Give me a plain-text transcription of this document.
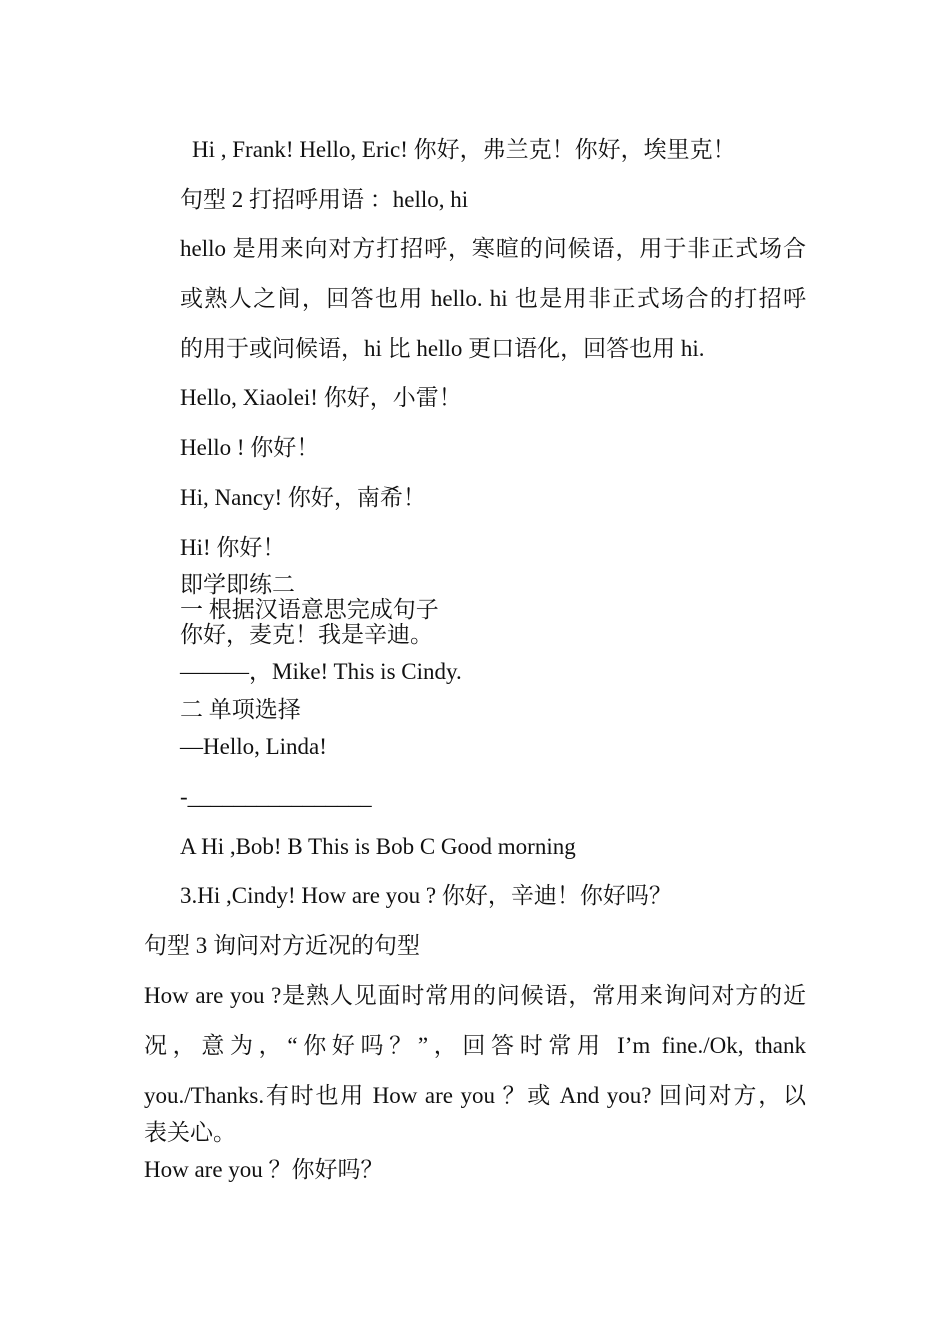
Hi , Frank! Hello, Eric! 你好，弗兰克！你好，埃里克！
句型 2 打招呼用语 ：hello, hi
hello 是用来向对方打招呼，寒暄的问候语，用于非正式场合
或熟人之间，回答也用 hello. hi 也是用非正式场合的打招呼
的用于或问候语，hi 比 hello 更口语化，回答也用 hi.
Hello, Xiaolei! 你好，小雷！
Hello ! 你好！
Hi, Nancy! 你好，南希！
Hi! 你好！
即学即练二
一 根据汉语意思完成句子
你好，麦克！我是辛迪。
———，Mike! This is Cindy.
二 单项选择
—Hello, Linda!
-________________
A Hi ,Bob! B This is Bob C Good morning
3.Hi ,Cindy! How are you ? 你好，辛迪！你好吗？
句型 3 询问对方近况的句型
How are you ?是熟人见面时常用的问候语，常用来询问对方的近
况，意为，“你好吗？”，回答时常用 I’m fine./Ok, thank
you./Thanks.有时也用 How are you ？或 And you? 回问对方，以
表关心。
How are you ？你好吗？
